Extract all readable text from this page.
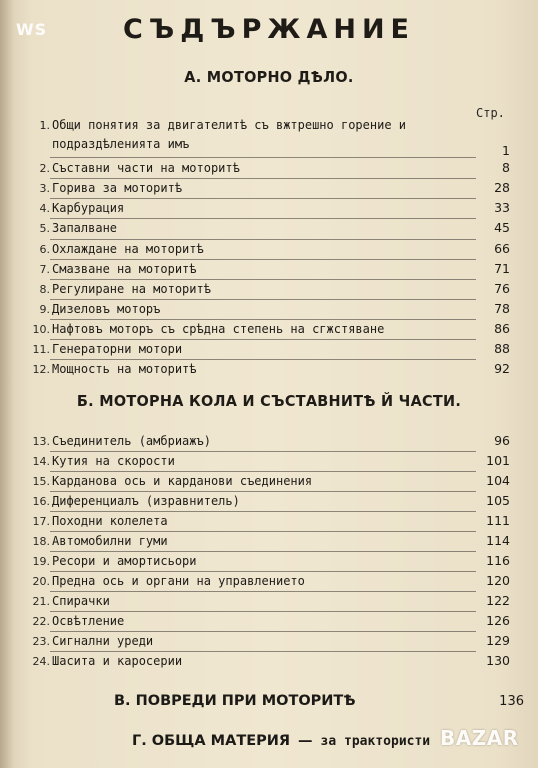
WS	СЪДЪРЖАНИЕ
А. МОТОРНО ДѢЛО.
Стр.
1. Общи понятия за двигателитѣ съ вжтрешно горение и
подраздѣленията имъ	1
2. Съставни части на моторитѣ	8
3. Горива за моторитѣ	28
4. Карбурация	33
5. Запалване	45
6. Охлаждане на моторитѣ	66
7. Смазване на моторитѣ	71
8. Регулиране на моторитѣ	76
9. Дизеловъ моторъ	78
10. Нафтовъ моторъ съ срѣдна степень на сгжстяване	86
11. Генераторни мотори	88
12. Мощность на моторитѣ	92
Б. МОТОРНА КОЛА И СЪСТАВНИТѢ Й ЧАСТИ.
13. Съединитель (амбриажъ)	96
14. Кутия на скорости	101
15. Карданова ось и карданови съединения	104
16. Диференциалъ (изравнитель)	105
17. Походни колелета	111
18. Автомобилни гуми	114
19. Ресори и амортисьори	116
20. Предна ось и органи на управлението	120
21. Спирачки	122
22. Освѣтление	126
23. Сигнални уреди	129
24. Шасита и каросерии	130
В. ПОВРЕДИ ПРИ МОТОРИТѢ	136
Г. ОБЩА МАТЕРИЯ — за трактористи BAZAR
